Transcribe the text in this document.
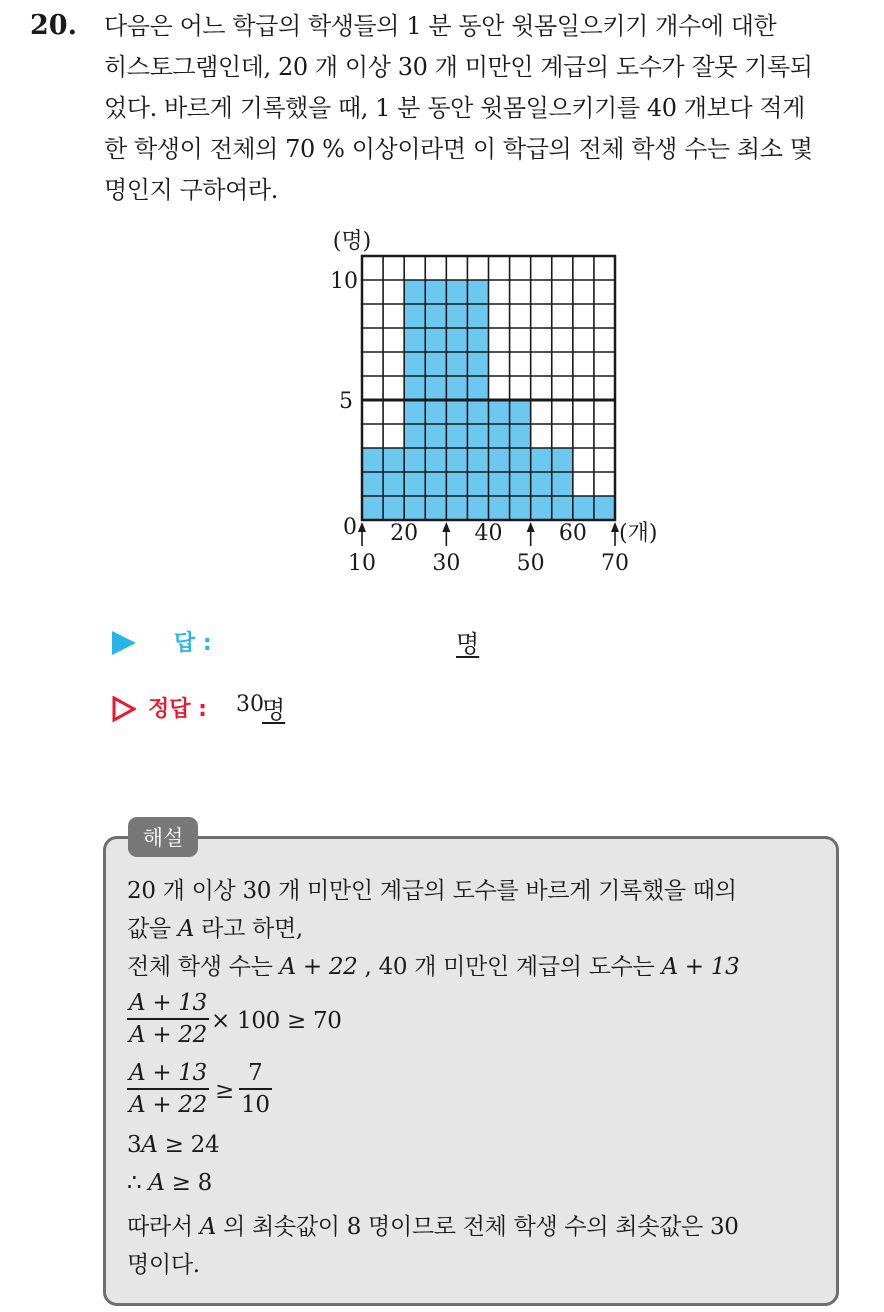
20. 다음은 어느 학급의 학생들의 1 분 동안 윗몸일으키기 개수에 대한
히스토그램인데, 20 개 이상 30 개 미만인 계급의 도수가 잘못 기록되
었다. 바르게 기록했을 때, 1 분 동안 윗몸일으키기를 40 개보다 적게
한 학생이 전체의 70 % 이상이라면 이 학급의 전체 학생 수는 최소 몇
명인지 구하여라.
0
5
10
(명)
10	30	50	70
20	40	60 (개)
답 :	명
정답 : 30
명
해설
20 개 이상 30 개 미만인 계급의 도수를 바르게 기록했을 때의
값을 A 라고 하면,
전체 학생 수는 A + 22 , 40 개 미만인 계급의 도수는 A + 13
A + 13
A + 22
× 100 ≥ 70
A + 13
A + 22
≥
7
10
3A ≥ 24
∴ A ≥ 8
따라서 A 의 최솟값이 8 명이므로 전체 학생 수의 최솟값은 30
명이다.
